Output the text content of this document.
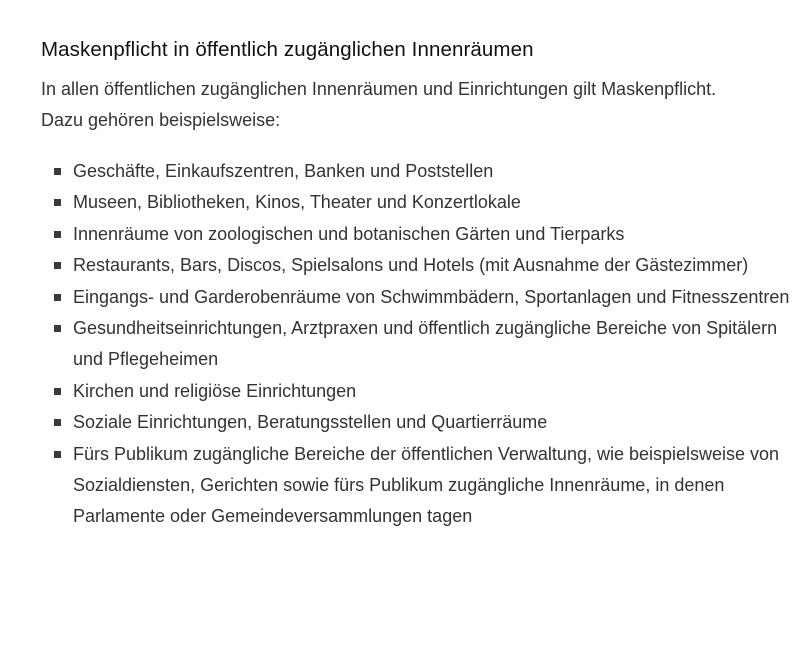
Maskenpflicht in öffentlich zugänglichen Innenräumen

In allen öffentlichen zugänglichen Innenräumen und Einrichtungen gilt Maskenpflicht. Dazu gehören beispielsweise:

Geschäfte, Einkaufszentren, Banken und Poststellen
Museen, Bibliotheken, Kinos, Theater und Konzertlokale
Innenräume von zoologischen und botanischen Gärten und Tierparks
Restaurants, Bars, Discos, Spielsalons und Hotels (mit Ausnahme der Gästezimmer)
Eingangs- und Garderobenräume von Schwimmbädern, Sportanlagen und Fitnesszentren
Gesundheitseinrichtungen, Arztpraxen und öffentlich zugängliche Bereiche von Spitälern und Pflegeheimen
Kirchen und religiöse Einrichtungen
Soziale Einrichtungen, Beratungsstellen und Quartierräume
Fürs Publikum zugängliche Bereiche der öffentlichen Verwaltung, wie beispielsweise von Sozialdiensten, Gerichten sowie fürs Publikum zugängliche Innenräume, in denen Parlamente oder Gemeindeversammlungen tagen
